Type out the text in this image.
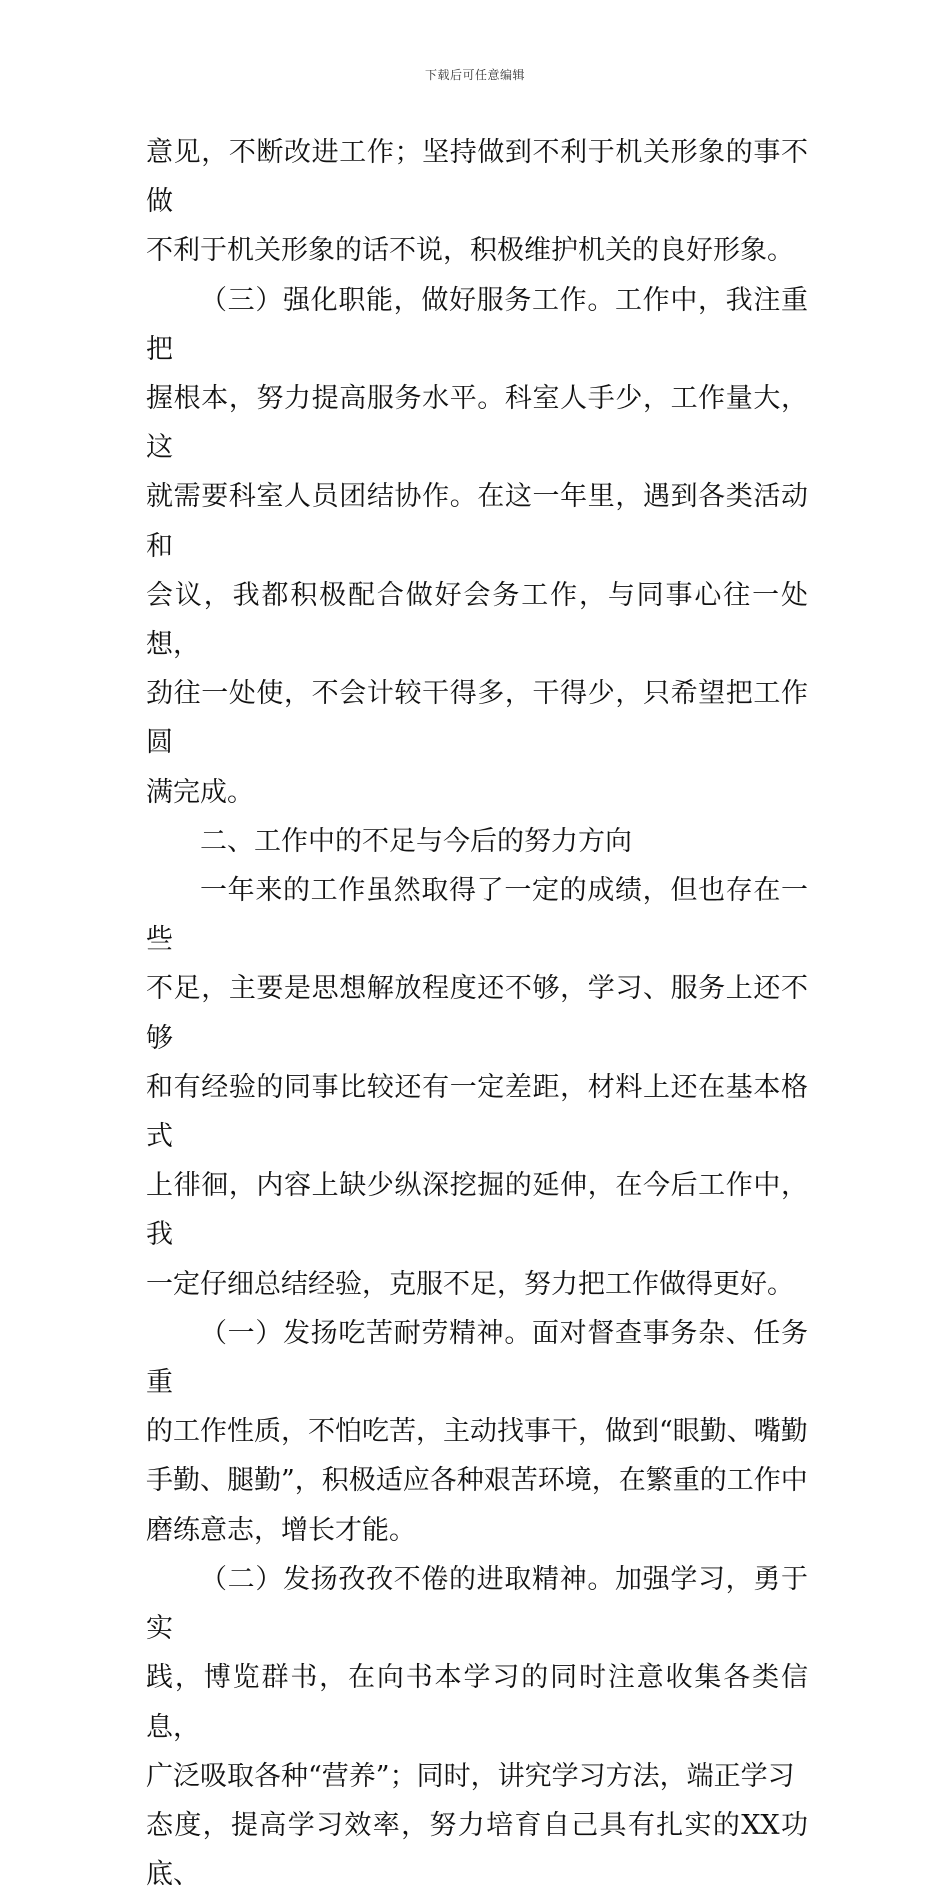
下载后可任意编辑

意见，不断改进工作；坚持做到不利于机关形象的事不做
不利于机关形象的话不说，积极维护机关的良好形象。

（三）强化职能，做好服务工作。工作中，我注重把
握根本，努力提高服务水平。科室人手少，工作量大，这
就需要科室人员团结协作。在这一年里，遇到各类活动和
会议，我都积极配合做好会务工作，与同事心往一处想，
劲往一处使，不会计较干得多，干得少，只希望把工作圆
满完成。

二、工作中的不足与今后的努力方向

一年来的工作虽然取得了一定的成绩，但也存在一些
不足，主要是思想解放程度还不够，学习、服务上还不够
和有经验的同事比较还有一定差距，材料上还在基本格式
上徘徊，内容上缺少纵深挖掘的延伸，在今后工作中，我
一定仔细总结经验，克服不足，努力把工作做得更好。

（一）发扬吃苦耐劳精神。面对督查事务杂、任务重
的工作性质，不怕吃苦，主动找事干，做到“眼勤、嘴勤
手勤、腿勤”，积极适应各种艰苦环境，在繁重的工作中
磨练意志，增长才能。

（二）发扬孜孜不倦的进取精神。加强学习，勇于实
践，博览群书，在向书本学习的同时注意收集各类信息，
广泛吸取各种“营养”；同时，讲究学习方法，端正学习
态度，提高学习效率，努力培育自己具有扎实的XX功底、
